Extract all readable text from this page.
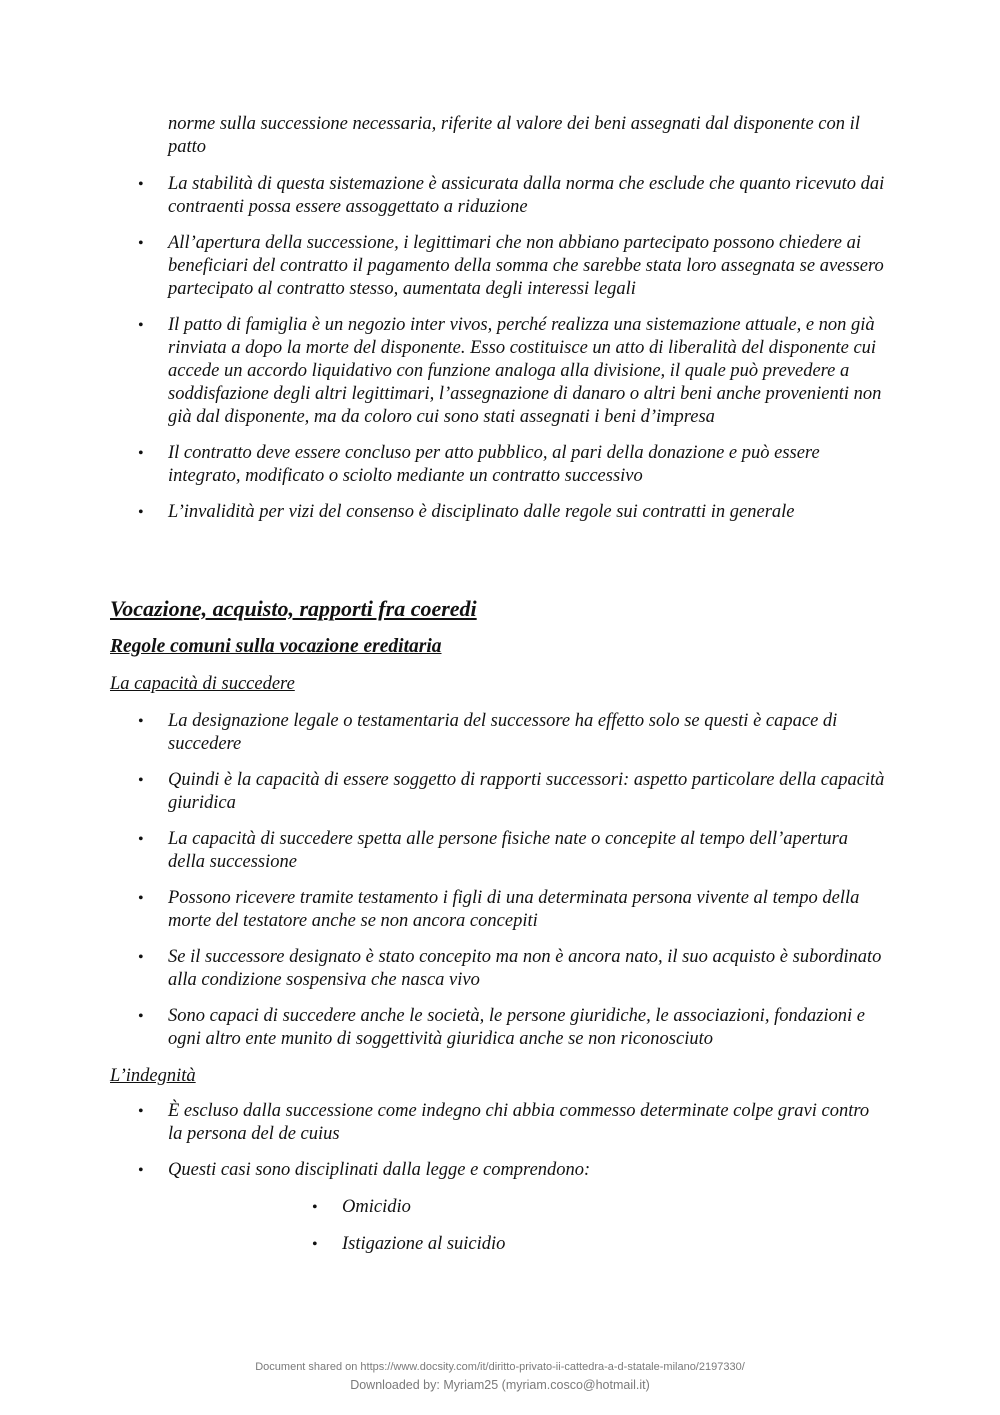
norme sulla successione necessaria, riferite al valore dei beni assegnati dal disponente con il patto
• La stabilità di questa sistemazione è assicurata dalla norma che esclude che quanto ricevuto dai contraenti possa essere assoggettato a riduzione
• All’apertura della successione, i legittimari che non abbiano partecipato possono chiedere ai beneficiari del contratto il pagamento della somma che sarebbe stata loro assegnata se avessero partecipato al contratto stesso, aumentata degli interessi legali
• Il patto di famiglia è un negozio inter vivos, perché realizza una sistemazione attuale, e non già rinviata a dopo la morte del disponente. Esso costituisce un atto di liberalità del disponente cui accede un accordo liquidativo con funzione analoga alla divisione, il quale può prevedere a soddisfazione degli altri legittimari, l’assegnazione di danaro o altri beni anche provenienti non già dal disponente, ma da coloro cui sono stati assegnati i beni d’impresa
• Il contratto deve essere concluso per atto pubblico, al pari della donazione e può essere integrato, modificato o sciolto mediante un contratto successivo
• L’invalidità per vizi del consenso è disciplinato dalle regole sui contratti in generale
Vocazione, acquisto, rapporti fra coeredi
Regole comuni sulla vocazione ereditaria
La capacità di succedere
• La designazione legale o testamentaria del successore ha effetto solo se questi è capace di succedere
• Quindi è la capacità di essere soggetto di rapporti successori: aspetto particolare della capacità giuridica
• La capacità di succedere spetta alle persone fisiche nate o concepite al tempo dell’apertura della successione
• Possono ricevere tramite testamento i figli di una determinata persona vivente al tempo della morte del testatore anche se non ancora concepiti
• Se il successore designato è stato concepito ma non è ancora nato, il suo acquisto è subordinato alla condizione sospensiva che nasca vivo
• Sono capaci di succedere anche le società, le persone giuridiche, le associazioni, fondazioni e ogni altro ente munito di soggettività giuridica anche se non riconosciuto
L’indegnità
• È escluso dalla successione come indegno chi abbia commesso determinate colpe gravi contro la persona del de cuius
• Questi casi sono disciplinati dalla legge e comprendono:
• Omicidio
• Istigazione al suicidio
Document shared on https://www.docsity.com/it/diritto-privato-ii-cattedra-a-d-statale-milano/2197330/
Downloaded by: Myriam25 (myriam.cosco@hotmail.it)
